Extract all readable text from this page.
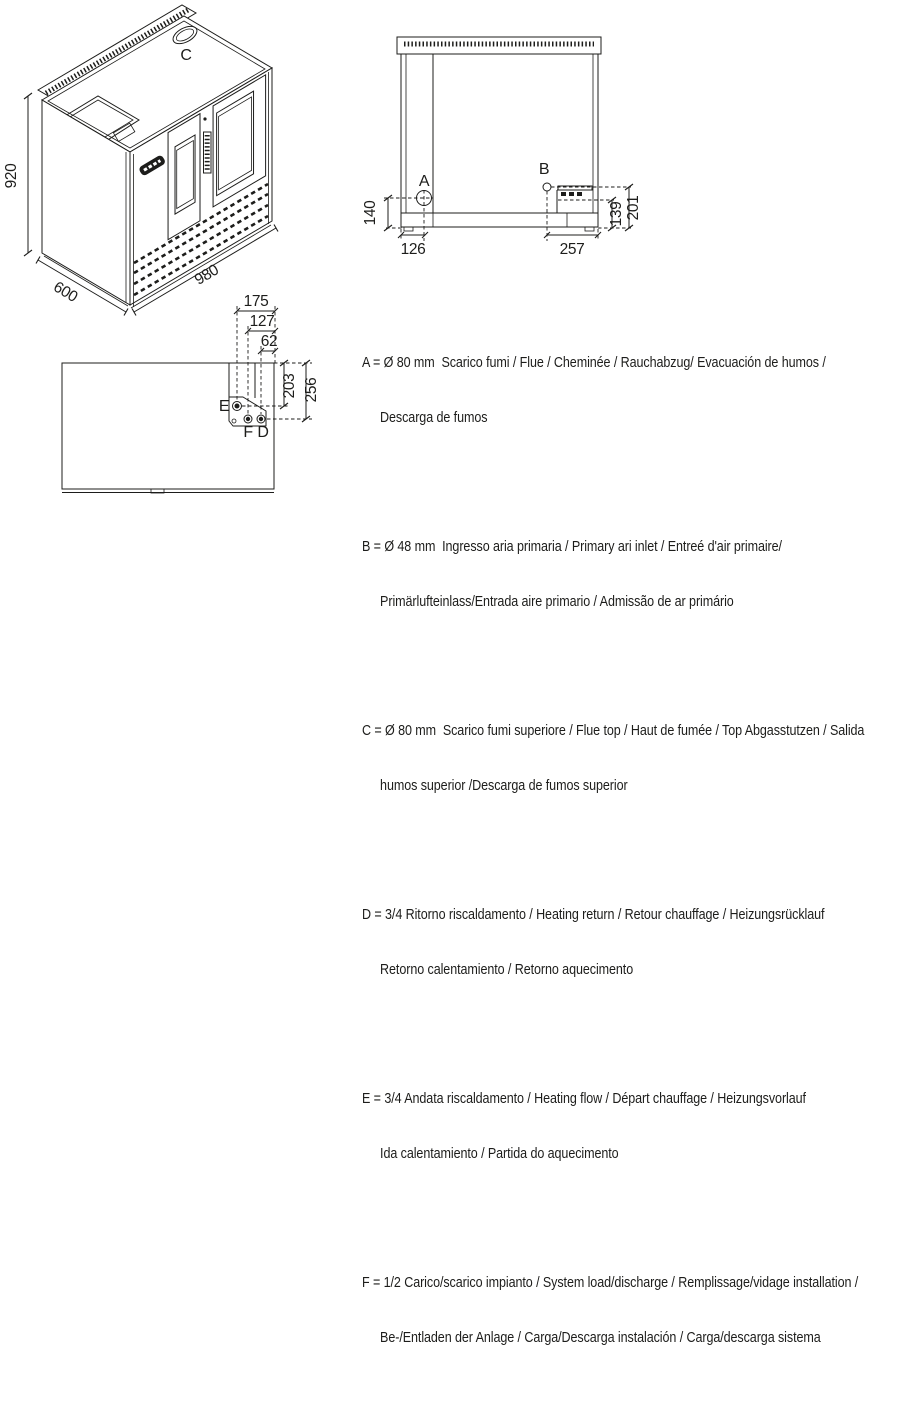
920
600
980
C
A
B
140
126	257
139 201
E
F D
175
127
62
203 256

A = Ø 80 mm  Scarico fumi / Flue / Cheminée / Rauchabzug/ Evacuación de humos /

Descarga de fumos

B = Ø 48 mm  Ingresso aria primaria / Primary ari inlet / Entreé d'air primaire/

Primärlufteinlass/Entrada aire primario / Admissão de ar primário

C = Ø 80 mm  Scarico fumi superiore / Flue top / Haut de fumée / Top Abgasstutzen / Salida

humos superior /Descarga de fumos superior

D = 3/4 Ritorno riscaldamento / Heating return / Retour chauffage / Heizungsrücklauf

Retorno calentamiento / Retorno aquecimento

E = 3/4 Andata riscaldamento / Heating flow / Départ chauffage / Heizungsvorlauf

Ida calentamiento / Partida do aquecimento

F = 1/2 Carico/scarico impianto / System load/discharge / Remplissage/vidage installation /

Be-/Entladen der Anlage / Carga/Descarga instalación / Carga/descarga sistema
